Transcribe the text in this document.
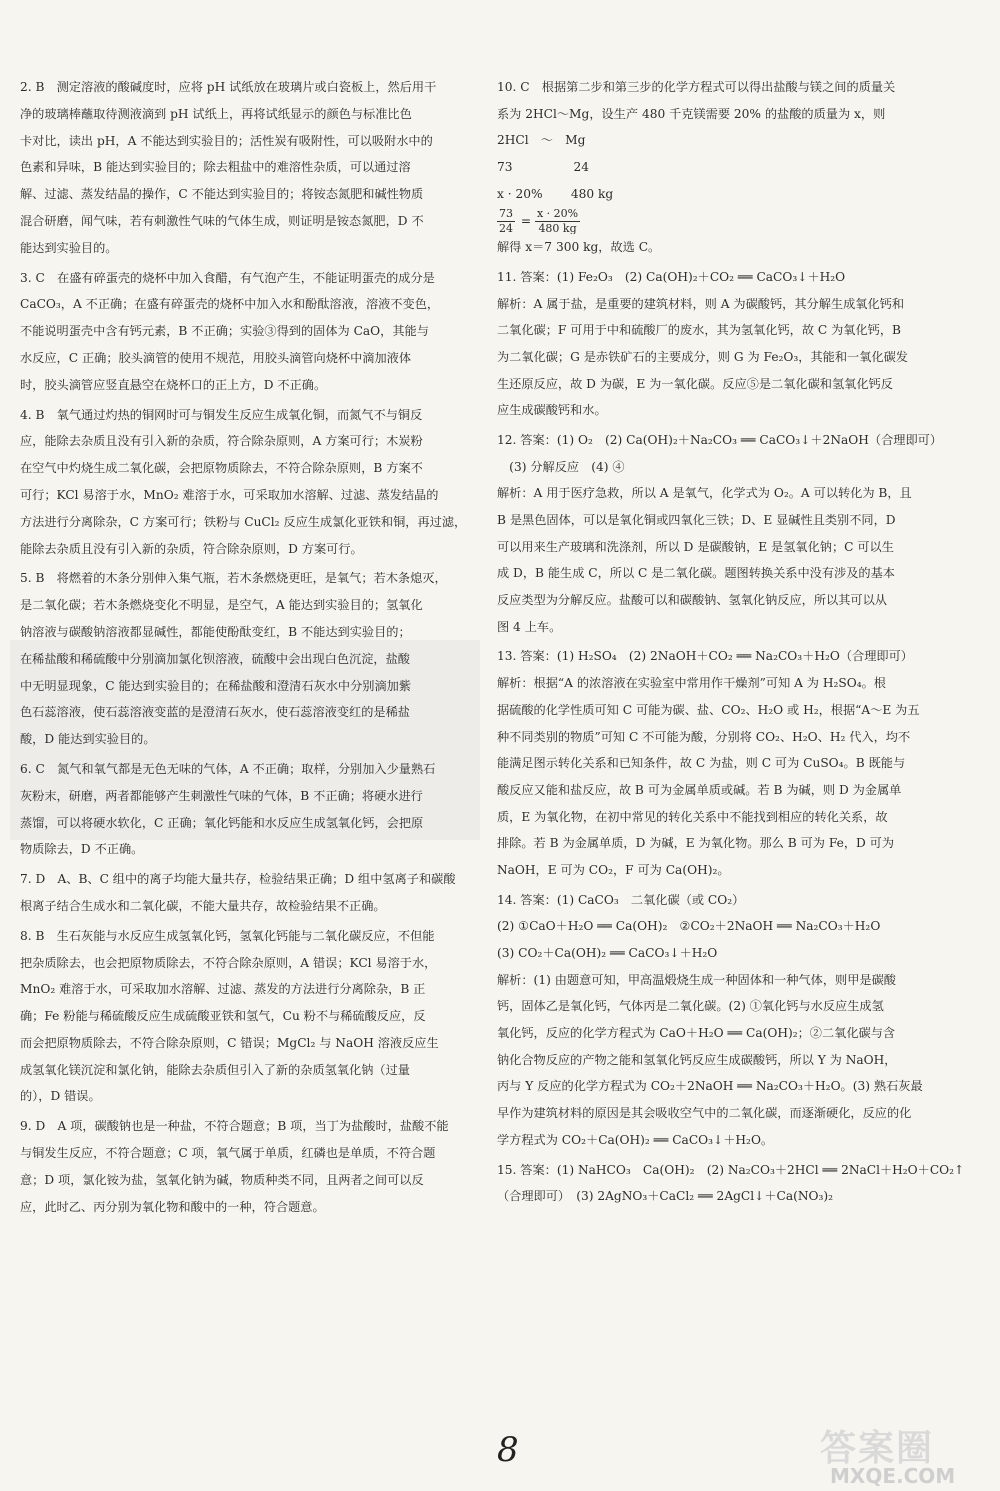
2. B　测定溶液的酸碱度时，应将 pH 试纸放在玻璃片或白瓷板上，然后用干
净的玻璃棒蘸取待测液滴到 pH 试纸上，再将试纸显示的颜色与标准比色
卡对比，读出 pH，A 不能达到实验目的；活性炭有吸附性，可以吸附水中的
色素和异味，B 能达到实验目的；除去粗盐中的难溶性杂质，可以通过溶
解、过滤、蒸发结晶的操作，C 不能达到实验目的；将铵态氮肥和碱性物质
混合研磨，闻气味，若有刺激性气味的气体生成，则证明是铵态氮肥，D 不
能达到实验目的。
3. C　在盛有碎蛋壳的烧杯中加入食醋，有气泡产生，不能证明蛋壳的成分是
CaCO₃，A 不正确；在盛有碎蛋壳的烧杯中加入水和酚酞溶液，溶液不变色，
不能说明蛋壳中含有钙元素，B 不正确；实验③得到的固体为 CaO，其能与
水反应，C 正确；胶头滴管的使用不规范，用胶头滴管向烧杯中滴加液体
时，胶头滴管应竖直悬空在烧杯口的正上方，D 不正确。
4. B　氧气通过灼热的铜网时可与铜发生反应生成氧化铜，而氮气不与铜反
应，能除去杂质且没有引入新的杂质，符合除杂原则，A 方案可行；木炭粉
在空气中灼烧生成二氧化碳，会把原物质除去，不符合除杂原则，B 方案不
可行；KCl 易溶于水，MnO₂ 难溶于水，可采取加水溶解、过滤、蒸发结晶的
方法进行分离除杂，C 方案可行；铁粉与 CuCl₂ 反应生成氯化亚铁和铜，再过滤，
能除去杂质且没有引入新的杂质，符合除杂原则，D 方案可行。
5. B　将燃着的木条分别伸入集气瓶，若木条燃烧更旺，是氧气；若木条熄灭，
是二氧化碳；若木条燃烧变化不明显，是空气，A 能达到实验目的；氢氧化
钠溶液与碳酸钠溶液都显碱性，都能使酚酞变红，B 不能达到实验目的；
在稀盐酸和稀硫酸中分别滴加氯化钡溶液，硫酸中会出现白色沉淀，盐酸
中无明显现象，C 能达到实验目的；在稀盐酸和澄清石灰水中分别滴加紫
色石蕊溶液，使石蕊溶液变蓝的是澄清石灰水，使石蕊溶液变红的是稀盐
酸，D 能达到实验目的。
6. C　氮气和氧气都是无色无味的气体，A 不正确；取样，分别加入少量熟石
灰粉末，研磨，两者都能够产生刺激性气味的气体，B 不正确；将硬水进行
蒸馏，可以将硬水软化，C 正确；氧化钙能和水反应生成氢氧化钙，会把原
物质除去，D 不正确。
7. D　A、B、C 组中的离子均能大量共存，检验结果正确；D 组中氢离子和碳酸
根离子结合生成水和二氧化碳，不能大量共存，故检验结果不正确。
8. B　生石灰能与水反应生成氢氧化钙，氢氧化钙能与二氧化碳反应，不但能
把杂质除去，也会把原物质除去，不符合除杂原则，A 错误；KCl 易溶于水，
MnO₂ 难溶于水，可采取加水溶解、过滤、蒸发的方法进行分离除杂，B 正
确；Fe 粉能与稀硫酸反应生成硫酸亚铁和氢气，Cu 粉不与稀硫酸反应，反
而会把原物质除去，不符合除杂原则，C 错误；MgCl₂ 与 NaOH 溶液反应生
成氢氧化镁沉淀和氯化钠，能除去杂质但引入了新的杂质氢氧化钠（过量
的），D 错误。
9. D　A 项，碳酸钠也是一种盐，不符合题意；B 项，当丁为盐酸时，盐酸不能
与铜发生反应，不符合题意；C 项，氧气属于单质，红磷也是单质，不符合题
意；D 项，氯化铵为盐，氢氧化钠为碱，物质种类不同，且两者之间可以反
应，此时乙、丙分别为氧化物和酸中的一种，符合题意。
10. C　根据第二步和第三步的化学方程式可以得出盐酸与镁之间的质量关
系为 2HCl～Mg，设生产 480 千克镁需要 20% 的盐酸的质量为 x，则
2HCl　～　Mg
73　　　　　24
x · 20%　　 480 kg
$\frac{73}{24} = \frac{x \cdot 20\%}{480 kg}$
解得 x＝7 300 kg，故选 C。
11. 答案：(1) Fe₂O₃　(2) Ca(OH)₂＋CO₂ ══ CaCO₃↓＋H₂O
解析：A 属于盐，是重要的建筑材料，则 A 为碳酸钙，其分解生成氧化钙和
二氧化碳；F 可用于中和硫酸厂的废水，其为氢氧化钙，故 C 为氧化钙，B
为二氧化碳；G 是赤铁矿石的主要成分，则 G 为 Fe₂O₃，其能和一氧化碳发
生还原反应，故 D 为碳，E 为一氧化碳。反应⑤是二氧化碳和氢氧化钙反
应生成碳酸钙和水。
12. 答案：(1) O₂　(2) Ca(OH)₂＋Na₂CO₃ ══ CaCO₃↓＋2NaOH（合理即可）
　(3) 分解反应　(4) ④
解析：A 用于医疗急救，所以 A 是氧气，化学式为 O₂。A 可以转化为 B，且
B 是黑色固体，可以是氧化铜或四氧化三铁；D、E 显碱性且类别不同，D
可以用来生产玻璃和洗涤剂，所以 D 是碳酸钠，E 是氢氧化钠；C 可以生
成 D，B 能生成 C，所以 C 是二氧化碳。题图转换关系中没有涉及的基本
反应类型为分解反应。盐酸可以和碳酸钠、氢氧化钠反应，所以其可以从
图 4 上车。
13. 答案：(1) H₂SO₄　(2) 2NaOH＋CO₂ ══ Na₂CO₃＋H₂O（合理即可）
解析：根据“A 的浓溶液在实验室中常用作干燥剂”可知 A 为 H₂SO₄。根
据硫酸的化学性质可知 C 可能为碳、盐、CO₂、H₂O 或 H₂，根据“A～E 为五
种不同类别的物质”可知 C 不可能为酸，分别将 CO₂、H₂O、H₂ 代入，均不
能满足图示转化关系和已知条件，故 C 为盐，则 C 可为 CuSO₄。B 既能与
酸反应又能和盐反应，故 B 可为金属单质或碱。若 B 为碱，则 D 为金属单
质，E 为氧化物，在初中常见的转化关系中不能找到相应的转化关系，故
排除。若 B 为金属单质，D 为碱，E 为氧化物。那么 B 可为 Fe，D 可为
NaOH，E 可为 CO₂，F 可为 Ca(OH)₂。
14. 答案：(1) CaCO₃　二氧化碳（或 CO₂）
(2) ①CaO＋H₂O ══ Ca(OH)₂　②CO₂＋2NaOH ══ Na₂CO₃＋H₂O
(3) CO₂＋Ca(OH)₂ ══ CaCO₃↓＋H₂O
解析：(1) 由题意可知，甲高温煅烧生成一种固体和一种气体，则甲是碳酸
钙，固体乙是氧化钙，气体丙是二氧化碳。(2) ①氧化钙与水反应生成氢
氧化钙，反应的化学方程式为 CaO＋H₂O ══ Ca(OH)₂；②二氧化碳与含
钠化合物反应的产物之能和氢氧化钙反应生成碳酸钙，所以 Y 为 NaOH，
丙与 Y 反应的化学方程式为 CO₂＋2NaOH ══ Na₂CO₃＋H₂O。(3) 熟石灰最
早作为建筑材料的原因是其会吸收空气中的二氧化碳，而逐渐硬化，反应的化
学方程式为 CO₂＋Ca(OH)₂ ══ CaCO₃↓＋H₂O。
15. 答案：(1) NaHCO₃　Ca(OH)₂　(2) Na₂CO₃＋2HCl ══ 2NaCl＋H₂O＋CO₂↑
（合理即可）　(3) 2AgNO₃＋CaCl₂ ══ 2AgCl↓＋Ca(NO₃)₂
8	答案圈
MXQE.COM
